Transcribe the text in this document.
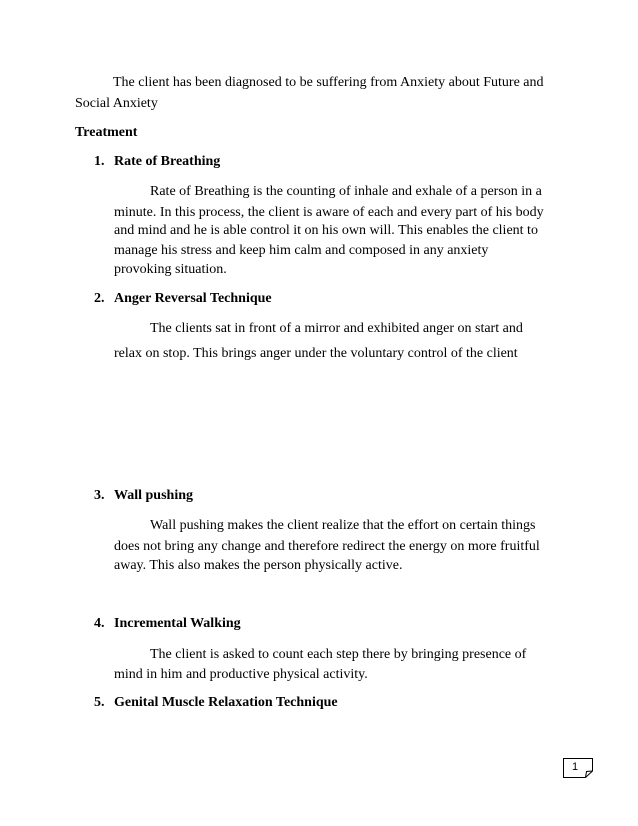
The client has been diagnosed to be suffering from Anxiety about Future and
Social Anxiety
Treatment
1. Rate of Breathing
Rate of Breathing is the counting of inhale and exhale of a person in a
minute. In this process, the client is aware of each and every part of his body
and mind and he is able control it on his own will. This enables the client to
manage his stress and keep him calm and composed in any anxiety
provoking situation.
2. Anger Reversal Technique
The clients sat in front of a mirror and exhibited anger on start and
relax on stop. This brings anger under the voluntary control of the client
3. Wall pushing
Wall pushing makes the client realize that the effort on certain things
does not bring any change and therefore redirect the energy on more fruitful
away. This also makes the person physically active.
4. Incremental Walking
The client is asked to count each step there by bringing presence of
mind in him and productive physical activity.
5. Genital Muscle Relaxation Technique
1
